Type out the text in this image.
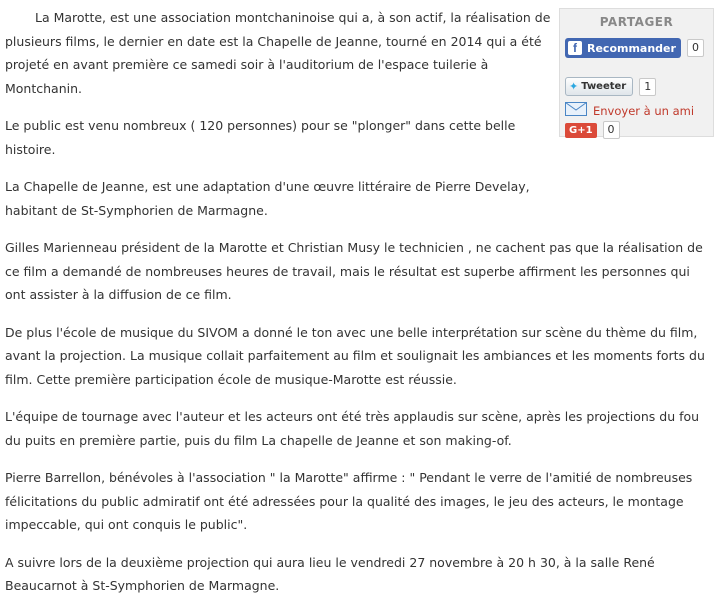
La Marotte, est une association montchaninoise qui a, à son actif, la réalisation de plusieurs films, le dernier en date est la Chapelle de Jeanne, tourné en 2014 qui a été projeté en avant première ce samedi soir à l'auditorium de l'espace tuilerie à Montchanin.

Le public est venu nombreux ( 120 personnes) pour se "plonger" dans cette belle histoire.

La Chapelle de Jeanne, est une adaptation d'une œuvre littéraire de Pierre Develay, habitant de St-Symphorien de Marmagne.

Gilles Marienneau président de la Marotte et Christian Musy le technicien , ne cachent pas que la réalisation de ce film a demandé de nombreuses heures de travail, mais le résultat est superbe affirment les personnes qui ont assister à la diffusion de ce film.

De plus l'école de musique du SIVOM a donné le ton avec une belle interprétation sur scène du thème du film, avant la projection. La musique collait parfaitement au film et soulignait les ambiances et les moments forts du film. Cette première participation école de musique-Marotte est réussie.

L'équipe de tournage avec l'auteur et les acteurs ont été très applaudis sur scène, après les projections du fou du puits en première partie, puis du film La chapelle de Jeanne et son making-of.

Pierre Barrellon, bénévoles à l'association " la Marotte" affirme : " Pendant le verre de l'amitié de nombreuses félicitations du public admiratif ont été adressées pour la qualité des images, le jeu des acteurs, le montage impeccable, qui ont conquis le public".

A suivre lors de la deuxième projection qui aura lieu le vendredi 27 novembre à 20 h 30, à la salle René Beaucarnot à St-Symphorien de Marmagne.

PARTAGER
f Recommander	0
✦ Tweeter	1
Envoyer à un ami
G+1	0
